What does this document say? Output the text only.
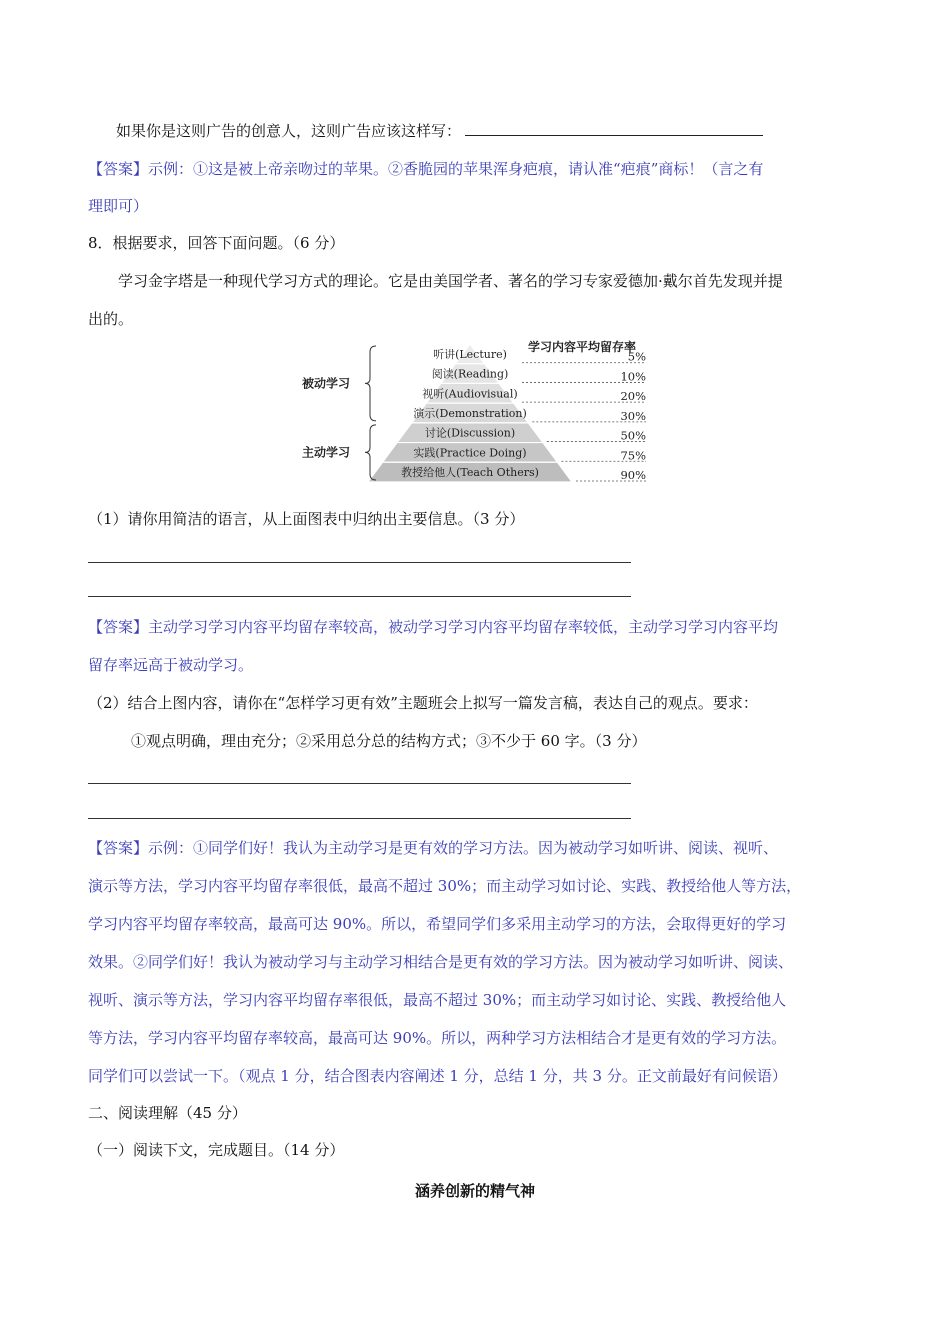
如果你是这则广告的创意人，这则广告应该这样写：
【答案】示例：①这是被上帝亲吻过的苹果。②香脆园的苹果浑身疤痕，请认准“疤痕”商标！（言之有
理即可）
8．根据要求，回答下面问题。（6 分）
学习金字塔是一种现代学习方式的理论。它是由美国学者、著名的学习专家爱德加·戴尔首先发现并提
出的。
学习内容平均留存率
听讲(Lecture)
阅读(Reading)
视听(Audiovisual)
演示(Demonstration)
讨论(Discussion)
实践(Practice Doing)
教授给他人(Teach Others)
5%
10%
20%
30%
50%
75%
90%
被动学习
主动学习
（1）请你用简洁的语言，从上面图表中归纳出主要信息。（3 分）
【答案】主动学习学习内容平均留存率较高，被动学习学习内容平均留存率较低，主动学习学习内容平均
留存率远高于被动学习。
（2）结合上图内容，请你在“怎样学习更有效”主题班会上拟写一篇发言稿，表达自己的观点。要求：
①观点明确，理由充分；②采用总分总的结构方式；③不少于 60 字。（3 分）
【答案】示例：①同学们好！我认为主动学习是更有效的学习方法。因为被动学习如听讲、阅读、视听、
演示等方法，学习内容平均留存率很低，最高不超过 30%；而主动学习如讨论、实践、教授给他人等方法，
学习内容平均留存率较高，最高可达 90%。所以，希望同学们多采用主动学习的方法，会取得更好的学习
效果。②同学们好！我认为被动学习与主动学习相结合是更有效的学习方法。因为被动学习如听讲、阅读、
视听、演示等方法，学习内容平均留存率很低，最高不超过 30%；而主动学习如讨论、实践、教授给他人
等方法，学习内容平均留存率较高，最高可达 90%。所以，两种学习方法相结合才是更有效的学习方法。
同学们可以尝试一下。（观点 1 分，结合图表内容阐述 1 分，总结 1 分，共 3 分。正文前最好有问候语）
二、阅读理解（45 分）
（一）阅读下文，完成题目。（14 分）
涵养创新的精气神
